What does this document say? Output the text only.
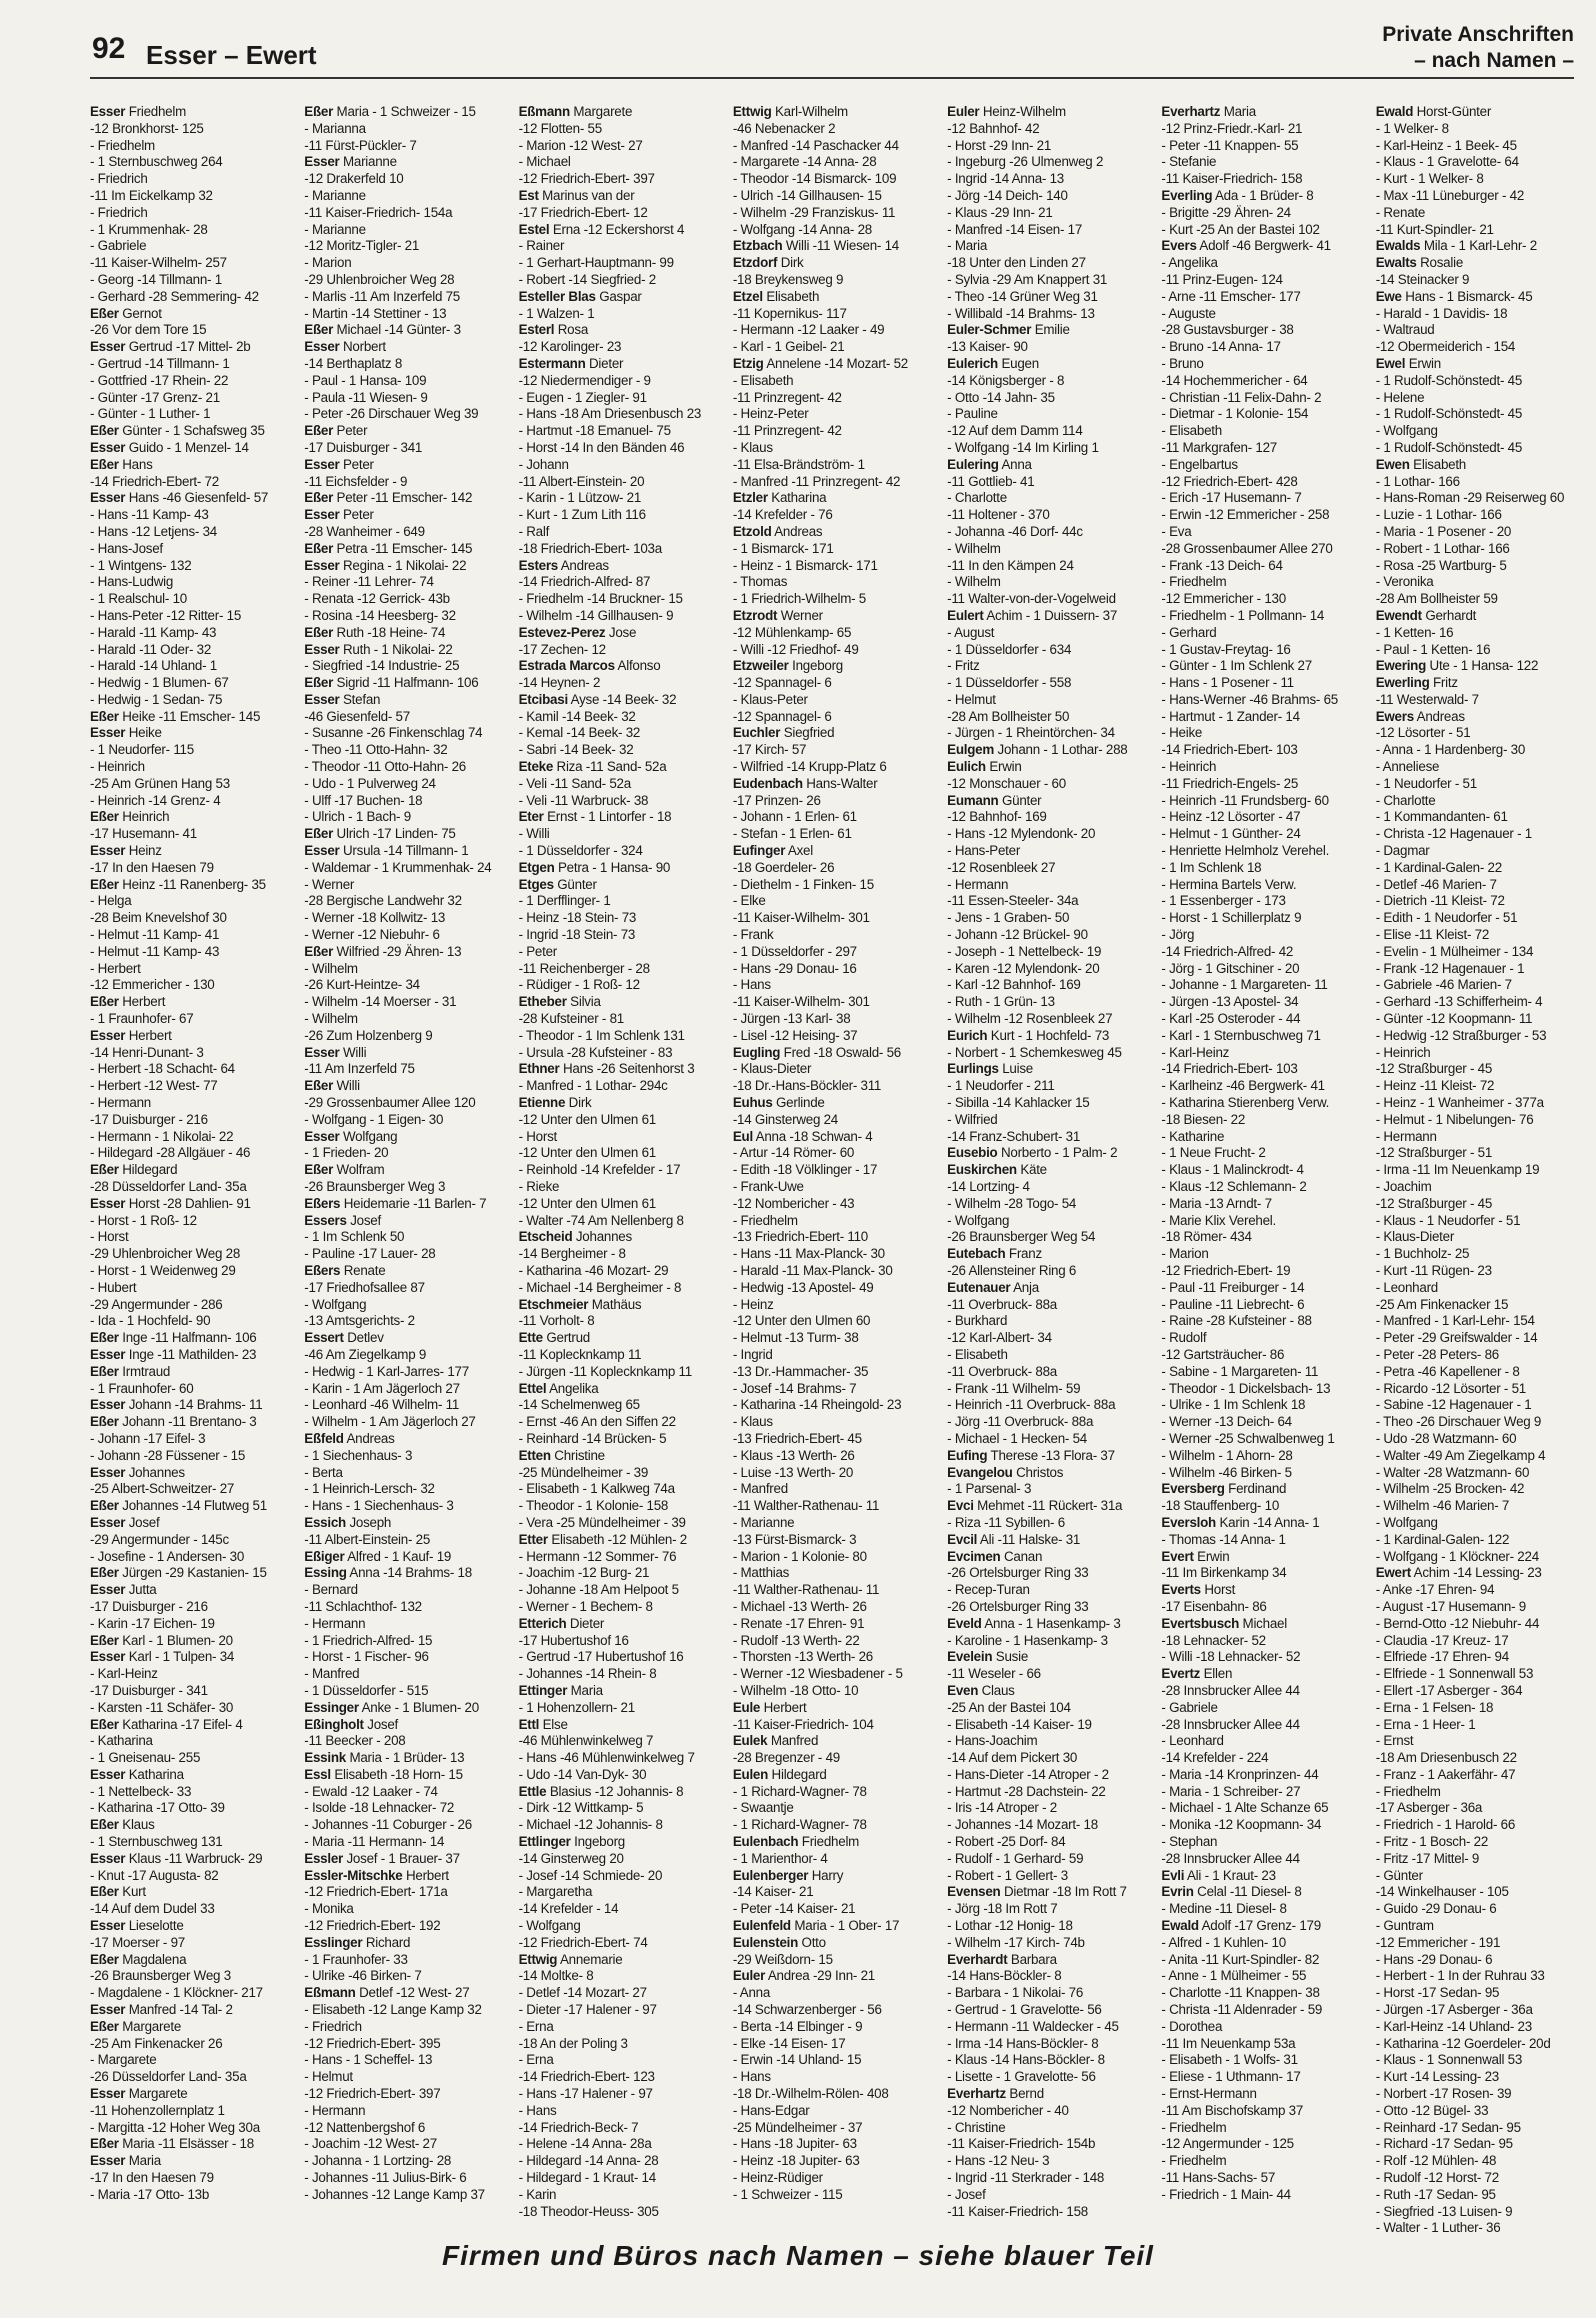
92 Esser – Ewert
Private Anschriften
– nach Namen –
Esser Friedhelm
-12 Bronkhorst- 125
- Friedhelm
- 1 Sternbuschweg 264
- Friedrich
-11 Im Eickelkamp 32
- Friedrich
- 1 Krummenhak- 28
- Gabriele
-11 Kaiser-Wilhelm- 257
- Georg -14 Tillmann- 1
- Gerhard -28 Semmering- 42
Eßer Gernot
-26 Vor dem Tore 15
Esser Gertrud -17 Mittel- 2b
- Gertrud -14 Tillmann- 1
- Gottfried -17 Rhein- 22
- Günter -17 Grenz- 21
- Günter - 1 Luther- 1
Eßer Günter - 1 Schafsweg 35
Esser Guido - 1 Menzel- 14
Eßer Hans
-14 Friedrich-Ebert- 72
Esser Hans -46 Giesenfeld- 57
- Hans -11 Kamp- 43
- Hans -12 Letjens- 34
- Hans-Josef
- 1 Wintgens- 132
- Hans-Ludwig
- 1 Realschul- 10
- Hans-Peter -12 Ritter- 15
- Harald -11 Kamp- 43
- Harald -11 Oder- 32
- Harald -14 Uhland- 1
- Hedwig - 1 Blumen- 67
- Hedwig - 1 Sedan- 75
Eßer Heike -11 Emscher- 145
Esser Heike
- 1 Neudorfer- 115
- Heinrich
-25 Am Grünen Hang 53
- Heinrich -14 Grenz- 4
Eßer Heinrich
-17 Husemann- 41
Esser Heinz
-17 In den Haesen 79
Eßer Heinz -11 Ranenberg- 35
- Helga
-28 Beim Knevelshof 30
- Helmut -11 Kamp- 41
- Helmut -11 Kamp- 43
- Herbert
-12 Emmericher - 130
Eßer Herbert
- 1 Fraunhofer- 67
Esser Herbert
-14 Henri-Dunant- 3
- Herbert -18 Schacht- 64
- Herbert -12 West- 77
- Hermann
-17 Duisburger - 216
- Hermann - 1 Nikolai- 22
- Hildegard -28 Allgäuer - 46
Eßer Hildegard
-28 Düsseldorfer Land- 35a
Esser Horst -28 Dahlien- 91
- Horst - 1 Roß- 12
- Horst
-29 Uhlenbroicher Weg 28
- Horst - 1 Weidenweg 29
- Hubert
-29 Angermunder - 286
- Ida - 1 Hochfeld- 90
Eßer Inge -11 Halfmann- 106
Esser Inge -11 Mathilden- 23
Eßer Irmtraud
- 1 Fraunhofer- 60
Esser Johann -14 Brahms- 11
Eßer Johann -11 Brentano- 3
- Johann -17 Eifel- 3
- Johann -28 Füssener - 15
Esser Johannes
-25 Albert-Schweitzer- 27
Eßer Johannes -14 Flutweg 51
Esser Josef
-29 Angermunder - 145c
- Josefine - 1 Andersen- 30
Eßer Jürgen -29 Kastanien- 15
Esser Jutta
-17 Duisburger - 216
- Karin -17 Eichen- 19
Eßer Karl - 1 Blumen- 20
Esser Karl - 1 Tulpen- 34
- Karl-Heinz
-17 Duisburger - 341
- Karsten -11 Schäfer- 30
Eßer Katharina -17 Eifel- 4
- Katharina
- 1 Gneisenau- 255
Esser Katharina
- 1 Nettelbeck- 33
- Katharina -17 Otto- 39
Eßer Klaus
- 1 Sternbuschweg 131
Esser Klaus -11 Warbruck- 29
- Knut -17 Augusta- 82
Eßer Kurt
-14 Auf dem Dudel 33
Esser Lieselotte
-17 Moerser - 97
Eßer Magdalena
-26 Braunsberger Weg 3
- Magdalene - 1 Klöckner- 217
Esser Manfred -14 Tal- 2
Eßer Margarete
-25 Am Finkenacker 26
- Margarete
-26 Düsseldorfer Land- 35a
Esser Margarete
-11 Hohenzollernplatz 1
- Margitta -12 Hoher Weg 30a
Eßer Maria -11 Elsässer - 18
Esser Maria
-17 In den Haesen 79
- Maria -17 Otto- 13b
Eßer Maria - 1 Schweizer - 15
- Marianna
-11 Fürst-Pückler- 7
Esser Marianne
-12 Drakerfeld 10
- Marianne
-11 Kaiser-Friedrich- 154a
- Marianne
-12 Moritz-Tigler- 21
- Marion
-29 Uhlenbroicher Weg 28
- Marlis -11 Am Inzerfeld 75
- Martin -14 Stettiner - 13
Eßer Michael -14 Günter- 3
Esser Norbert
-14 Berthaplatz 8
- Paul - 1 Hansa- 109
- Paula -11 Wiesen- 9
- Peter -26 Dirschauer Weg 39
Eßer Peter
-17 Duisburger - 341
Esser Peter
-11 Eichsfelder - 9
Eßer Peter -11 Emscher- 142
Esser Peter
-28 Wanheimer - 649
Eßer Petra -11 Emscher- 145
Esser Regina - 1 Nikolai- 22
- Reiner -11 Lehrer- 74
- Renata -12 Gerrick- 43b
- Rosina -14 Heesberg- 32
Eßer Ruth -18 Heine- 74
Esser Ruth - 1 Nikolai- 22
- Siegfried -14 Industrie- 25
Eßer Sigrid -11 Halfmann- 106
Esser Stefan
-46 Giesenfeld- 57
- Susanne -26 Finkenschlag 74
- Theo -11 Otto-Hahn- 32
- Theodor -11 Otto-Hahn- 26
- Udo - 1 Pulverweg 24
- Ulff -17 Buchen- 18
- Ulrich - 1 Bach- 9
Eßer Ulrich -17 Linden- 75
Esser Ursula -14 Tillmann- 1
- Waldemar - 1 Krummenhak- 24
- Werner
-28 Bergische Landwehr 32
- Werner -18 Kollwitz- 13
- Werner -12 Niebuhr- 6
Eßer Wilfried -29 Ähren- 13
- Wilhelm
-26 Kurt-Heintze- 34
- Wilhelm -14 Moerser - 31
- Wilhelm
-26 Zum Holzenberg 9
Esser Willi
-11 Am Inzerfeld 75
Eßer Willi
-29 Grossenbaumer Allee 120
- Wolfgang - 1 Eigen- 30
Esser Wolfgang
- 1 Frieden- 20
Eßer Wolfram
-26 Braunsberger Weg 3
Eßers Heidemarie -11 Barlen- 7
Essers Josef
- 1 Im Schlenk 50
- Pauline -17 Lauer- 28
Eßers Renate
-17 Friedhofsallee 87
- Wolfgang
-13 Amtsgerichts- 2
Essert Detlev
-46 Am Ziegelkamp 9
- Hedwig - 1 Karl-Jarres- 177
- Karin - 1 Am Jägerloch 27
- Leonhard -46 Wilhelm- 11
- Wilhelm - 1 Am Jägerloch 27
Eßfeld Andreas
- 1 Siechenhaus- 3
- Berta
- 1 Heinrich-Lersch- 32
- Hans - 1 Siechenhaus- 3
Essich Joseph
-11 Albert-Einstein- 25
Eßiger Alfred - 1 Kauf- 19
Essing Anna -14 Brahms- 18
- Bernard
-11 Schlachthof- 132
- Hermann
- 1 Friedrich-Alfred- 15
- Horst - 1 Fischer- 96
- Manfred
- 1 Düsseldorfer - 515
Essinger Anke - 1 Blumen- 20
Eßingholt Josef
-11 Beecker - 208
Essink Maria - 1 Brüder- 13
Essl Elisabeth -18 Horn- 15
- Ewald -12 Laaker - 74
- Isolde -18 Lehnacker- 72
- Johannes -11 Coburger - 26
- Maria -11 Hermann- 14
Essler Josef - 1 Brauer- 37
Essler-Mitschke Herbert
-12 Friedrich-Ebert- 171a
- Monika
-12 Friedrich-Ebert- 192
Esslinger Richard
- 1 Fraunhofer- 33
- Ulrike -46 Birken- 7
Eßmann Detlef -12 West- 27
- Elisabeth -12 Lange Kamp 32
- Friedrich
-12 Friedrich-Ebert- 395
- Hans - 1 Scheffel- 13
- Helmut
-12 Friedrich-Ebert- 397
- Hermann
-12 Nattenbergshof 6
- Joachim -12 West- 27
- Johanna - 1 Lortzing- 28
- Johannes -11 Julius-Birk- 6
- Johannes -12 Lange Kamp 37
Eßmann Margarete
-12 Flotten- 55
- Marion -12 West- 27
- Michael
-12 Friedrich-Ebert- 397
Est Marinus van der
-17 Friedrich-Ebert- 12
Estel Erna -12 Eckershorst 4
- Rainer
- 1 Gerhart-Hauptmann- 99
- Robert -14 Siegfried- 2
Esteller Blas Gaspar
- 1 Walzen- 1
Esterl Rosa
-12 Karolinger- 23
Estermann Dieter
-12 Niedermendiger - 9
- Eugen - 1 Ziegler- 91
- Hans -18 Am Driesenbusch 23
- Hartmut -18 Emanuel- 75
- Horst -14 In den Bänden 46
- Johann
-11 Albert-Einstein- 20
- Karin - 1 Lützow- 21
- Kurt - 1 Zum Lith 116
- Ralf
-18 Friedrich-Ebert- 103a
Esters Andreas
-14 Friedrich-Alfred- 87
- Friedhelm -14 Bruckner- 15
- Wilhelm -14 Gillhausen- 9
Estevez-Perez Jose
-17 Zechen- 12
Estrada Marcos Alfonso
-14 Heynen- 2
Etcibasi Ayse -14 Beek- 32
- Kamil -14 Beek- 32
- Kemal -14 Beek- 32
- Sabri -14 Beek- 32
Eteke Riza -11 Sand- 52a
- Veli -11 Sand- 52a
- Veli -11 Warbruck- 38
Eter Ernst - 1 Lintorfer - 18
- Willi
- 1 Düsseldorfer - 324
Etgen Petra - 1 Hansa- 90
Etges Günter
- 1 Derfflinger- 1
- Heinz -18 Stein- 73
- Ingrid -18 Stein- 73
- Peter
-11 Reichenberger - 28
- Rüdiger - 1 Roß- 12
Etheber Silvia
-28 Kufsteiner - 81
- Theodor - 1 Im Schlenk 131
- Ursula -28 Kufsteiner - 83
Ethner Hans -26 Seitenhorst 3
- Manfred - 1 Lothar- 294c
Etienne Dirk
-12 Unter den Ulmen 61
- Horst
-12 Unter den Ulmen 61
- Reinhold -14 Krefelder - 17
- Rieke
-12 Unter den Ulmen 61
- Walter -74 Am Nellenberg 8
Etscheid Johannes
-14 Bergheimer - 8
- Katharina -46 Mozart- 29
- Michael -14 Bergheimer - 8
Etschmeier Mathäus
-11 Vorholt- 8
Ette Gertrud
-11 Koplecknkamp 11
- Jürgen -11 Koplecknkamp 11
Ettel Angelika
-14 Schelmenweg 65
- Ernst -46 An den Siffen 22
- Reinhard -14 Brücken- 5
Etten Christine
-25 Mündelheimer - 39
- Elisabeth - 1 Kalkweg 74a
- Theodor - 1 Kolonie- 158
- Vera -25 Mündelheimer - 39
Etter Elisabeth -12 Mühlen- 2
- Hermann -12 Sommer- 76
- Joachim -12 Burg- 21
- Johanne -18 Am Helpoot 5
- Werner - 1 Bechem- 8
Etterich Dieter
-17 Hubertushof 16
- Gertrud -17 Hubertushof 16
- Johannes -14 Rhein- 8
Ettinger Maria
- 1 Hohenzollern- 21
Ettl Else
-46 Mühlenwinkelweg 7
- Hans -46 Mühlenwinkelweg 7
- Udo -14 Van-Dyk- 30
Ettle Blasius -12 Johannis- 8
- Dirk -12 Wittkamp- 5
- Michael -12 Johannis- 8
Ettlinger Ingeborg
-14 Ginsterweg 20
- Josef -14 Schmiede- 20
- Margaretha
-14 Krefelder - 14
- Wolfgang
-12 Friedrich-Ebert- 74
Ettwig Annemarie
-14 Moltke- 8
- Detlef -14 Mozart- 27
- Dieter -17 Halener - 97
- Erna
-18 An der Poling 3
- Erna
-14 Friedrich-Ebert- 123
- Hans -17 Halener - 97
- Hans
-14 Friedrich-Beck- 7
- Helene -14 Anna- 28a
- Hildegard -14 Anna- 28
- Hildegard - 1 Kraut- 14
- Karin
-18 Theodor-Heuss- 305
Ettwig Karl-Wilhelm
-46 Nebenacker 2
- Manfred -14 Paschacker 44
- Margarete -14 Anna- 28
- Theodor -14 Bismarck- 109
- Ulrich -14 Gillhausen- 15
- Wilhelm -29 Franziskus- 11
- Wolfgang -14 Anna- 28
Etzbach Willi -11 Wiesen- 14
Etzdorf Dirk
-18 Breykensweg 9
Etzel Elisabeth
-11 Kopernikus- 117
- Hermann -12 Laaker - 49
- Karl - 1 Geibel- 21
Etzig Annelene -14 Mozart- 52
- Elisabeth
-11 Prinzregent- 42
- Heinz-Peter
-11 Prinzregent- 42
- Klaus
-11 Elsa-Brändström- 1
- Manfred -11 Prinzregent- 42
Etzler Katharina
-14 Krefelder - 76
Etzold Andreas
- 1 Bismarck- 171
- Heinz - 1 Bismarck- 171
- Thomas
- 1 Friedrich-Wilhelm- 5
Etzrodt Werner
-12 Mühlenkamp- 65
- Willi -12 Friedhof- 49
Etzweiler Ingeborg
-12 Spannagel- 6
- Klaus-Peter
-12 Spannagel- 6
Euchler Siegfried
-17 Kirch- 57
- Wilfried -14 Krupp-Platz 6
Eudenbach Hans-Walter
-17 Prinzen- 26
- Johann - 1 Erlen- 61
- Stefan - 1 Erlen- 61
Eufinger Axel
-18 Goerdeler- 26
- Diethelm - 1 Finken- 15
- Elke
-11 Kaiser-Wilhelm- 301
- Frank
- 1 Düsseldorfer - 297
- Hans -29 Donau- 16
- Hans
-11 Kaiser-Wilhelm- 301
- Jürgen -13 Karl- 38
- Lisel -12 Heising- 37
Eugling Fred -18 Oswald- 56
- Klaus-Dieter
-18 Dr.-Hans-Böckler- 311
Euhus Gerlinde
-14 Ginsterweg 24
Eul Anna -18 Schwan- 4
- Artur -14 Römer- 60
- Edith -18 Völklinger - 17
- Frank-Uwe
-12 Nombericher - 43
- Friedhelm
-13 Friedrich-Ebert- 110
- Hans -11 Max-Planck- 30
- Harald -11 Max-Planck- 30
- Hedwig -13 Apostel- 49
- Heinz
-12 Unter den Ulmen 60
- Helmut -13 Turm- 38
- Ingrid
-13 Dr.-Hammacher- 35
- Josef -14 Brahms- 7
- Katharina -14 Rheingold- 23
- Klaus
-13 Friedrich-Ebert- 45
- Klaus -13 Werth- 26
- Luise -13 Werth- 20
- Manfred
-11 Walther-Rathenau- 11
- Marianne
-13 Fürst-Bismarck- 3
- Marion - 1 Kolonie- 80
- Matthias
-11 Walther-Rathenau- 11
- Michael -13 Werth- 26
- Renate -17 Ehren- 91
- Rudolf -13 Werth- 22
- Thorsten -13 Werth- 26
- Werner -12 Wiesbadener - 5
- Wilhelm -18 Otto- 10
Eule Herbert
-11 Kaiser-Friedrich- 104
Eulek Manfred
-28 Bregenzer - 49
Eulen Hildegard
- 1 Richard-Wagner- 78
- Swaantje
- 1 Richard-Wagner- 78
Eulenbach Friedhelm
- 1 Marienthor- 4
Eulenberger Harry
-14 Kaiser- 21
- Peter -14 Kaiser- 21
Eulenfeld Maria - 1 Ober- 17
Eulenstein Otto
-29 Weißdorn- 15
Euler Andrea -29 Inn- 21
- Anna
-14 Schwarzenberger - 56
- Berta -14 Elbinger - 9
- Elke -14 Eisen- 17
- Erwin -14 Uhland- 15
- Hans
-18 Dr.-Wilhelm-Rölen- 408
- Hans-Edgar
-25 Mündelheimer - 37
- Hans -18 Jupiter- 63
- Heinz -18 Jupiter- 63
- Heinz-Rüdiger
- 1 Schweizer - 115
Euler Heinz-Wilhelm
-12 Bahnhof- 42
- Horst -29 Inn- 21
- Ingeburg -26 Ulmenweg 2
- Ingrid -14 Anna- 13
- Jörg -14 Deich- 140
- Klaus -29 Inn- 21
- Manfred -14 Eisen- 17
- Maria
-18 Unter den Linden 27
- Sylvia -29 Am Knappert 31
- Theo -14 Grüner Weg 31
- Willibald -14 Brahms- 13
Euler-Schmer Emilie
-13 Kaiser- 90
Eulerich Eugen
-14 Königsberger - 8
- Otto -14 Jahn- 35
- Pauline
-12 Auf dem Damm 114
- Wolfgang -14 Im Kirling 1
Eulering Anna
-11 Gottlieb- 41
- Charlotte
-11 Holtener - 370
- Johanna -46 Dorf- 44c
- Wilhelm
-11 In den Kämpen 24
- Wilhelm
-11 Walter-von-der-Vogelweid
Eulert Achim - 1 Duissern- 37
- August
- 1 Düsseldorfer - 634
- Fritz
- 1 Düsseldorfer - 558
- Helmut
-28 Am Bollheister 50
- Jürgen - 1 Rheintörchen- 34
Eulgem Johann - 1 Lothar- 288
Eulich Erwin
-12 Monschauer - 60
Eumann Günter
-12 Bahnhof- 169
- Hans -12 Mylendonk- 20
- Hans-Peter
-12 Rosenbleek 27
- Hermann
-11 Essen-Steeler- 34a
- Jens - 1 Graben- 50
- Johann -12 Brückel- 90
- Joseph - 1 Nettelbeck- 19
- Karen -12 Mylendonk- 20
- Karl -12 Bahnhof- 169
- Ruth - 1 Grün- 13
- Wilhelm -12 Rosenbleek 27
Eurich Kurt - 1 Hochfeld- 73
- Norbert - 1 Schemkesweg 45
Eurlings Luise
- 1 Neudorfer - 211
- Sibilla -14 Kahlacker 15
- Wilfried
-14 Franz-Schubert- 31
Eusebio Norberto - 1 Palm- 2
Euskirchen Käte
-14 Lortzing- 4
- Wilhelm -28 Togo- 54
- Wolfgang
-26 Braunsberger Weg 54
Eutebach Franz
-26 Allensteiner Ring 6
Eutenauer Anja
-11 Overbruck- 88a
- Burkhard
-12 Karl-Albert- 34
- Elisabeth
-11 Overbruck- 88a
- Frank -11 Wilhelm- 59
- Heinrich -11 Overbruck- 88a
- Jörg -11 Overbruck- 88a
- Michael - 1 Hecken- 54
Eufing Therese -13 Flora- 37
Evangelou Christos
- 1 Parsenal- 3
Evci Mehmet -11 Rückert- 31a
- Riza -11 Sybillen- 6
Evcil Ali -11 Halske- 31
Evcimen Canan
-26 Ortelsburger Ring 33
- Recep-Turan
-26 Ortelsburger Ring 33
Eveld Anna - 1 Hasenkamp- 3
- Karoline - 1 Hasenkamp- 3
Evelein Susie
-11 Weseler - 66
Even Claus
-25 An der Bastei 104
- Elisabeth -14 Kaiser- 19
- Hans-Joachim
-14 Auf dem Pickert 30
- Hans-Dieter -14 Atroper - 2
- Hartmut -28 Dachstein- 22
- Iris -14 Atroper - 2
- Johannes -14 Mozart- 18
- Robert -25 Dorf- 84
- Rudolf - 1 Gerhard- 59
- Robert - 1 Gellert- 3
Evensen Dietmar -18 Im Rott 7
- Jörg -18 Im Rott 7
- Lothar -12 Honig- 18
- Wilhelm -17 Kirch- 74b
Everhardt Barbara
-14 Hans-Böckler- 8
- Barbara - 1 Nikolai- 76
- Gertrud - 1 Gravelotte- 56
- Hermann -11 Waldecker - 45
- Irma -14 Hans-Böckler- 8
- Klaus -14 Hans-Böckler- 8
- Lisette - 1 Gravelotte- 56
Everhartz Bernd
-12 Nombericher - 40
- Christine
-11 Kaiser-Friedrich- 154b
- Hans -12 Neu- 3
- Ingrid -11 Sterkrader - 148
- Josef
-11 Kaiser-Friedrich- 158
Everhartz Maria
-12 Prinz-Friedr.-Karl- 21
- Peter -11 Knappen- 55
- Stefanie
-11 Kaiser-Friedrich- 158
Everling Ada - 1 Brüder- 8
- Brigitte -29 Ähren- 24
- Kurt -25 An der Bastei 102
Evers Adolf -46 Bergwerk- 41
- Angelika
-11 Prinz-Eugen- 124
- Arne -11 Emscher- 177
- Auguste
-28 Gustavsburger - 38
- Bruno -14 Anna- 17
- Bruno
-14 Hochemmericher - 64
- Christian -11 Felix-Dahn- 2
- Dietmar - 1 Kolonie- 154
- Elisabeth
-11 Markgrafen- 127
- Engelbartus
-12 Friedrich-Ebert- 428
- Erich -17 Husemann- 7
- Erwin -12 Emmericher - 258
- Eva
-28 Grossenbaumer Allee 270
- Frank -13 Deich- 64
- Friedhelm
-12 Emmericher - 130
- Friedhelm - 1 Pollmann- 14
- Gerhard
- 1 Gustav-Freytag- 16
- Günter - 1 Im Schlenk 27
- Hans - 1 Posener - 11
- Hans-Werner -46 Brahms- 65
- Hartmut - 1 Zander- 14
- Heike
-14 Friedrich-Ebert- 103
- Heinrich
-11 Friedrich-Engels- 25
- Heinrich -11 Frundsberg- 60
- Heinz -12 Lösorter - 47
- Helmut - 1 Günther- 24
- Henriette Helmholz Verehel.
- 1 Im Schlenk 18
- Hermina Bartels Verw.
- 1 Essenberger - 173
- Horst - 1 Schillerplatz 9
- Jörg
-14 Friedrich-Alfred- 42
- Jörg - 1 Gitschiner - 20
- Johanne - 1 Margareten- 11
- Jürgen -13 Apostel- 34
- Karl -25 Osteroder - 44
- Karl - 1 Sternbuschweg 71
- Karl-Heinz
-14 Friedrich-Ebert- 103
- Karlheinz -46 Bergwerk- 41
- Katharina Stierenberg Verw.
-18 Biesen- 22
- Katharine
- 1 Neue Frucht- 2
- Klaus - 1 Malinckrodt- 4
- Klaus -12 Schlemann- 2
- Maria -13 Arndt- 7
- Marie Klix Verehel.
-18 Römer- 434
- Marion
-12 Friedrich-Ebert- 19
- Paul -11 Freiburger - 14
- Pauline -11 Liebrecht- 6
- Raine -28 Kufsteiner - 88
- Rudolf
-12 Gartsträucher- 86
- Sabine - 1 Margareten- 11
- Theodor - 1 Dickelsbach- 13
- Ulrike - 1 Im Schlenk 18
- Werner -13 Deich- 64
- Werner -25 Schwalbenweg 1
- Wilhelm - 1 Ahorn- 28
- Wilhelm -46 Birken- 5
Eversberg Ferdinand
-18 Stauffenberg- 10
Eversloh Karin -14 Anna- 1
- Thomas -14 Anna- 1
Evert Erwin
-11 Im Birkenkamp 34
Everts Horst
-17 Eisenbahn- 86
Evertsbusch Michael
-18 Lehnacker- 52
- Willi -18 Lehnacker- 52
Evertz Ellen
-28 Innsbrucker Allee 44
- Gabriele
-28 Innsbrucker Allee 44
- Leonhard
-14 Krefelder - 224
- Maria -14 Kronprinzen- 44
- Maria - 1 Schreiber- 27
- Michael - 1 Alte Schanze 65
- Monika -12 Koopmann- 34
- Stephan
-28 Innsbrucker Allee 44
Evli Ali - 1 Kraut- 23
Evrin Celal -11 Diesel- 8
- Medine -11 Diesel- 8
Ewald Adolf -17 Grenz- 179
- Alfred - 1 Kuhlen- 10
- Anita -11 Kurt-Spindler- 82
- Anne - 1 Mülheimer - 55
- Charlotte -11 Knappen- 38
- Christa -11 Aldenrader - 59
- Dorothea
-11 Im Neuenkamp 53a
- Elisabeth - 1 Wolfs- 31
- Eliese - 1 Uthmann- 17
- Ernst-Hermann
-11 Am Bischofskamp 37
- Friedhelm
-12 Angermunder - 125
- Friedhelm
-11 Hans-Sachs- 57
- Friedrich - 1 Main- 44
Ewald Horst-Günter
- 1 Welker- 8
- Karl-Heinz - 1 Beek- 45
- Klaus - 1 Gravelotte- 64
- Kurt - 1 Welker- 8
- Max -11 Lüneburger - 42
- Renate
-11 Kurt-Spindler- 21
Ewalds Mila - 1 Karl-Lehr- 2
Ewalts Rosalie
-14 Steinacker 9
Ewe Hans - 1 Bismarck- 45
- Harald - 1 Davidis- 18
- Waltraud
-12 Obermeiderich - 154
Ewel Erwin
- 1 Rudolf-Schönstedt- 45
- Helene
- 1 Rudolf-Schönstedt- 45
- Wolfgang
- 1 Rudolf-Schönstedt- 45
Ewen Elisabeth
- 1 Lothar- 166
- Hans-Roman -29 Reiserweg 60
- Luzie - 1 Lothar- 166
- Maria - 1 Posener - 20
- Robert - 1 Lothar- 166
- Rosa -25 Wartburg- 5
- Veronika
-28 Am Bollheister 59
Ewendt Gerhardt
- 1 Ketten- 16
- Paul - 1 Ketten- 16
Ewering Ute - 1 Hansa- 122
Ewerling Fritz
-11 Westerwald- 7
Ewers Andreas
-12 Lösorter - 51
- Anna - 1 Hardenberg- 30
- Anneliese
- 1 Neudorfer - 51
- Charlotte
- 1 Kommandanten- 61
- Christa -12 Hagenauer - 1
- Dagmar
- 1 Kardinal-Galen- 22
- Detlef -46 Marien- 7
- Dietrich -11 Kleist- 72
- Edith - 1 Neudorfer - 51
- Elise -11 Kleist- 72
- Evelin - 1 Mülheimer - 134
- Frank -12 Hagenauer - 1
- Gabriele -46 Marien- 7
- Gerhard -13 Schifferheim- 4
- Günter -12 Koopmann- 11
- Hedwig -12 Straßburger - 53
- Heinrich
-12 Straßburger - 45
- Heinz -11 Kleist- 72
- Heinz - 1 Wanheimer - 377a
- Helmut - 1 Nibelungen- 76
- Hermann
-12 Straßburger - 51
- Irma -11 Im Neuenkamp 19
- Joachim
-12 Straßburger - 45
- Klaus - 1 Neudorfer - 51
- Klaus-Dieter
- 1 Buchholz- 25
- Kurt -11 Rügen- 23
- Leonhard
-25 Am Finkenacker 15
- Manfred - 1 Karl-Lehr- 154
- Peter -29 Greifswalder - 14
- Peter -28 Peters- 86
- Petra -46 Kapellener - 8
- Ricardo -12 Lösorter - 51
- Sabine -12 Hagenauer - 1
- Theo -26 Dirschauer Weg 9
- Udo -28 Watzmann- 60
- Walter -49 Am Ziegelkamp 4
- Walter -28 Watzmann- 60
- Wilhelm -25 Brocken- 42
- Wilhelm -46 Marien- 7
- Wolfgang
- 1 Kardinal-Galen- 122
- Wolfgang - 1 Klöckner- 224
Ewert Achim -14 Lessing- 23
- Anke -17 Ehren- 94
- August -17 Husemann- 9
- Bernd-Otto -12 Niebuhr- 44
- Claudia -17 Kreuz- 17
- Elfriede -17 Ehren- 94
- Elfriede - 1 Sonnenwall 53
- Ellert -17 Asberger - 364
- Erna - 1 Felsen- 18
- Erna - 1 Heer- 1
- Ernst
-18 Am Driesenbusch 22
- Franz - 1 Aakerfähr- 47
- Friedhelm
-17 Asberger - 36a
- Friedrich - 1 Harold- 66
- Fritz - 1 Bosch- 22
- Fritz -17 Mittel- 9
- Günter
-14 Winkelhauser - 105
- Guido -29 Donau- 6
- Guntram
-12 Emmericher - 191
- Hans -29 Donau- 6
- Herbert - 1 In der Ruhrau 33
- Horst -17 Sedan- 95
- Jürgen -17 Asberger - 36a
- Karl-Heinz -14 Uhland- 23
- Katharina -12 Goerdeler- 20d
- Klaus - 1 Sonnenwall 53
- Kurt -14 Lessing- 23
- Norbert -17 Rosen- 39
- Otto -12 Bügel- 33
- Reinhard -17 Sedan- 95
- Richard -17 Sedan- 95
- Rolf -12 Mühlen- 48
- Rudolf -12 Horst- 72
- Ruth -17 Sedan- 95
- Siegfried -13 Luisen- 9
- Walter - 1 Luther- 36
Firmen und Büros nach Namen – siehe blauer Teil
